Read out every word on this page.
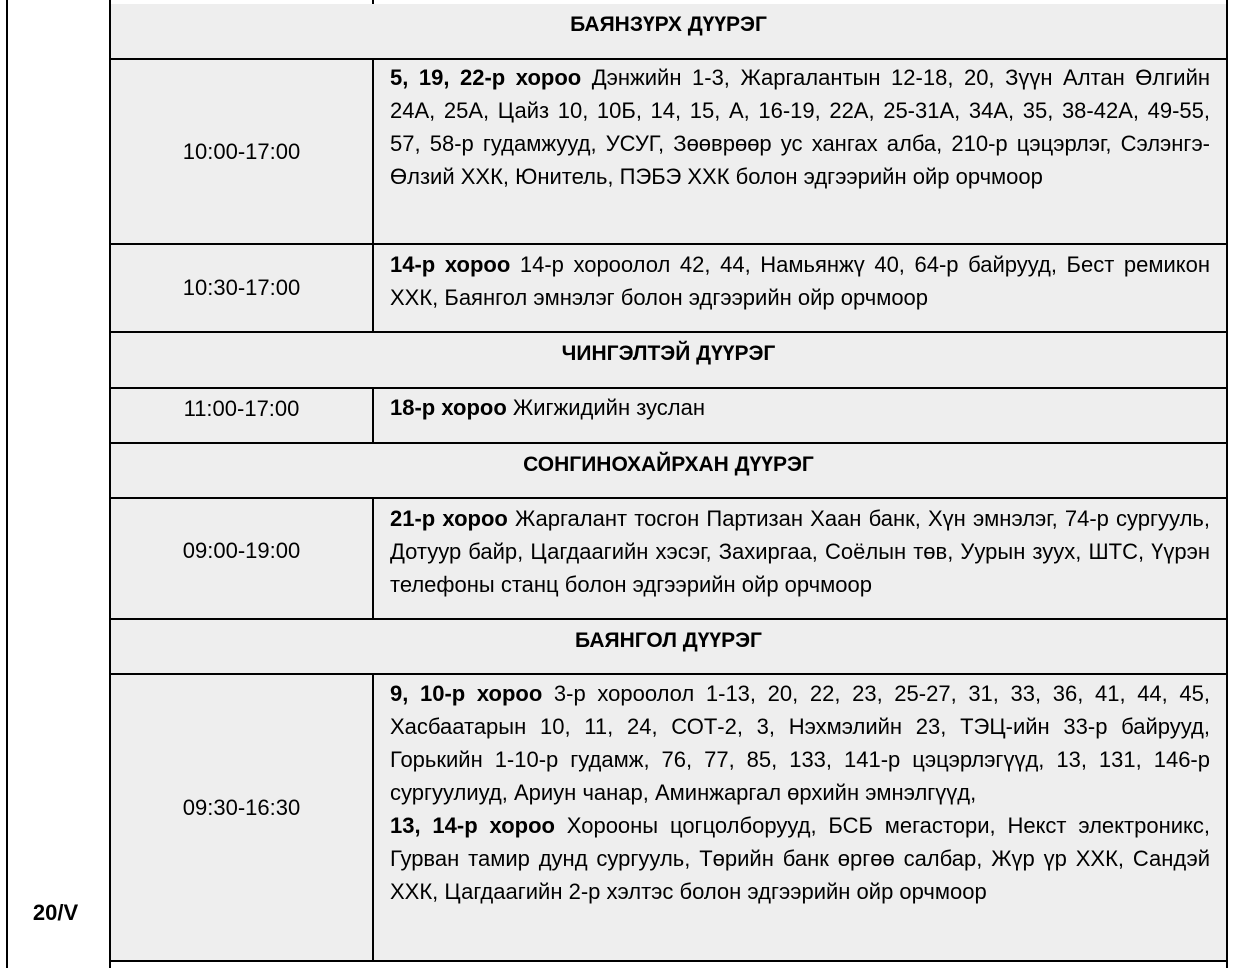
20/V
БАЯНЗҮРХ ДҮҮРЭГ
10:00-17:00
5, 19, 22-р хороо Дэнжийн 1-3, Жаргалантын 12-18, 20, Зүүн Алтан Өлгийн 24А, 25А, Цайз 10, 10Б, 14, 15, А, 16-19, 22А, 25-31А, 34А, 35, 38-42А, 49-55, 57, 58-р гудамжууд, УСУГ, Зөөврөөр ус хангах алба, 210-р цэцэрлэг, Сэлэнгэ-Өлзий ХХК, Юнитель, ПЭБЭ ХХК болон эдгээрийн ойр орчмоор
10:30-17:00
14-р хороо 14-р хороолол 42, 44, Намьянжү 40, 64-р байрууд, Бест ремикон ХХК, Баянгол эмнэлэг болон эдгээрийн ойр орчмоор
ЧИНГЭЛТЭЙ ДҮҮРЭГ
11:00-17:00	18-р хороо Жигжидийн зуслан
СОНГИНОХАЙРХАН ДҮҮРЭГ
09:00-19:00
21-р хороо Жаргалант тосгон Партизан Хаан банк, Хүн эмнэлэг, 74-р сургууль, Дотуур байр, Цагдаагийн хэсэг, Захиргаа, Соёлын төв, Уурын зуух, ШТС, Үүрэн телефоны станц болон эдгээрийн ойр орчмоор
БАЯНГОЛ ДҮҮРЭГ
09:30-16:30
9, 10-р хороо 3-р хороолол 1-13, 20, 22, 23, 25-27, 31, 33, 36, 41, 44, 45, Хасбаатарын 10, 11, 24, СОТ-2, 3, Нэхмэлийн 23, ТЭЦ-ийн 33-р байрууд, Горькийн 1-10-р гудамж, 76, 77, 85, 133, 141-р цэцэрлэгүүд, 13, 131, 146-р сургуулиуд, Ариун чанар, Аминжаргал өрхийн эмнэлгүүд,
13, 14-р хороо Хорооны цогцолборууд, БСБ мегастори, Некст электроникс, Гурван тамир дунд сургууль, Төрийн банк өргөө салбар, Жүр үр ХХК, Сандэй ХХК, Цагдаагийн 2-р хэлтэс болон эдгээрийн ойр орчмоор
